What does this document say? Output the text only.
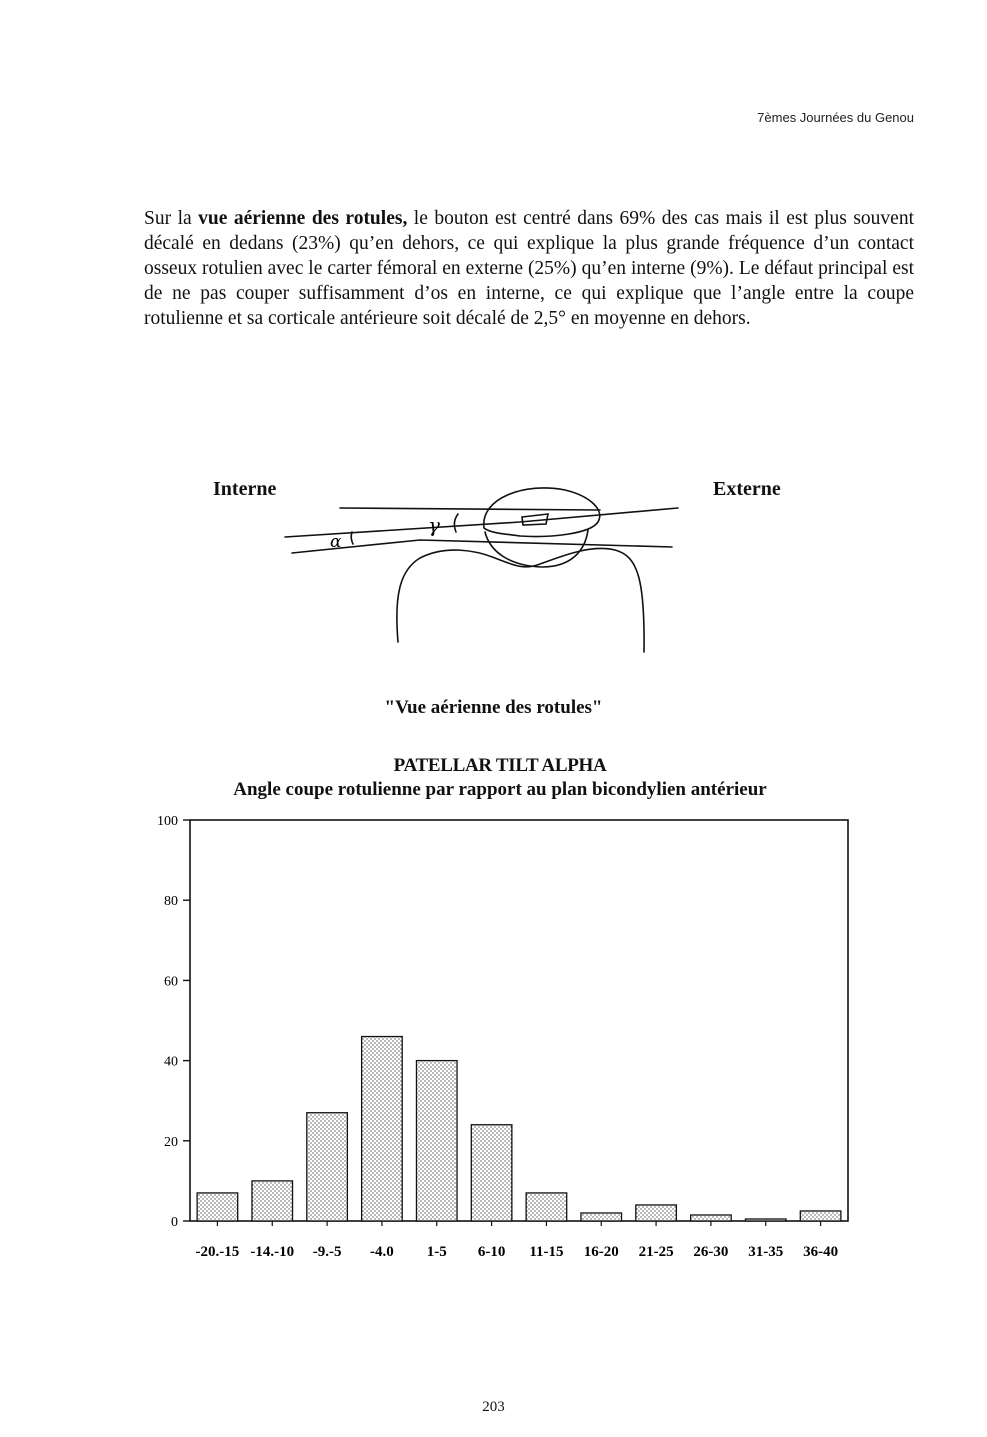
7èmes Journées du Genou

Sur la vue aérienne des rotules, le bouton est centré dans 69% des cas mais il est plus souvent décalé en dedans (23%) qu’en dehors, ce qui explique la plus grande fréquence d’un contact osseux rotulien avec le carter fémoral en externe (25%) qu’en interne (9%). Le défaut principal est de ne pas couper suffisamment d’os en interne, ce qui explique que l’angle entre la coupe rotulienne et sa corticale antérieure soit décalé de 2,5° en moyenne en dehors.

Interne	Externe
γ
α
"Vue aérienne des rotules"
PATELLAR TILT ALPHA
Angle coupe rotulienne par rapport au plan bicondylien antérieur
0
20
40
60
80
100
-20.-15 -14.-10 -9.-5 -4.0 1-5 6-10 11-15 16-20 21-25 26-30 31-35 36-40
203
